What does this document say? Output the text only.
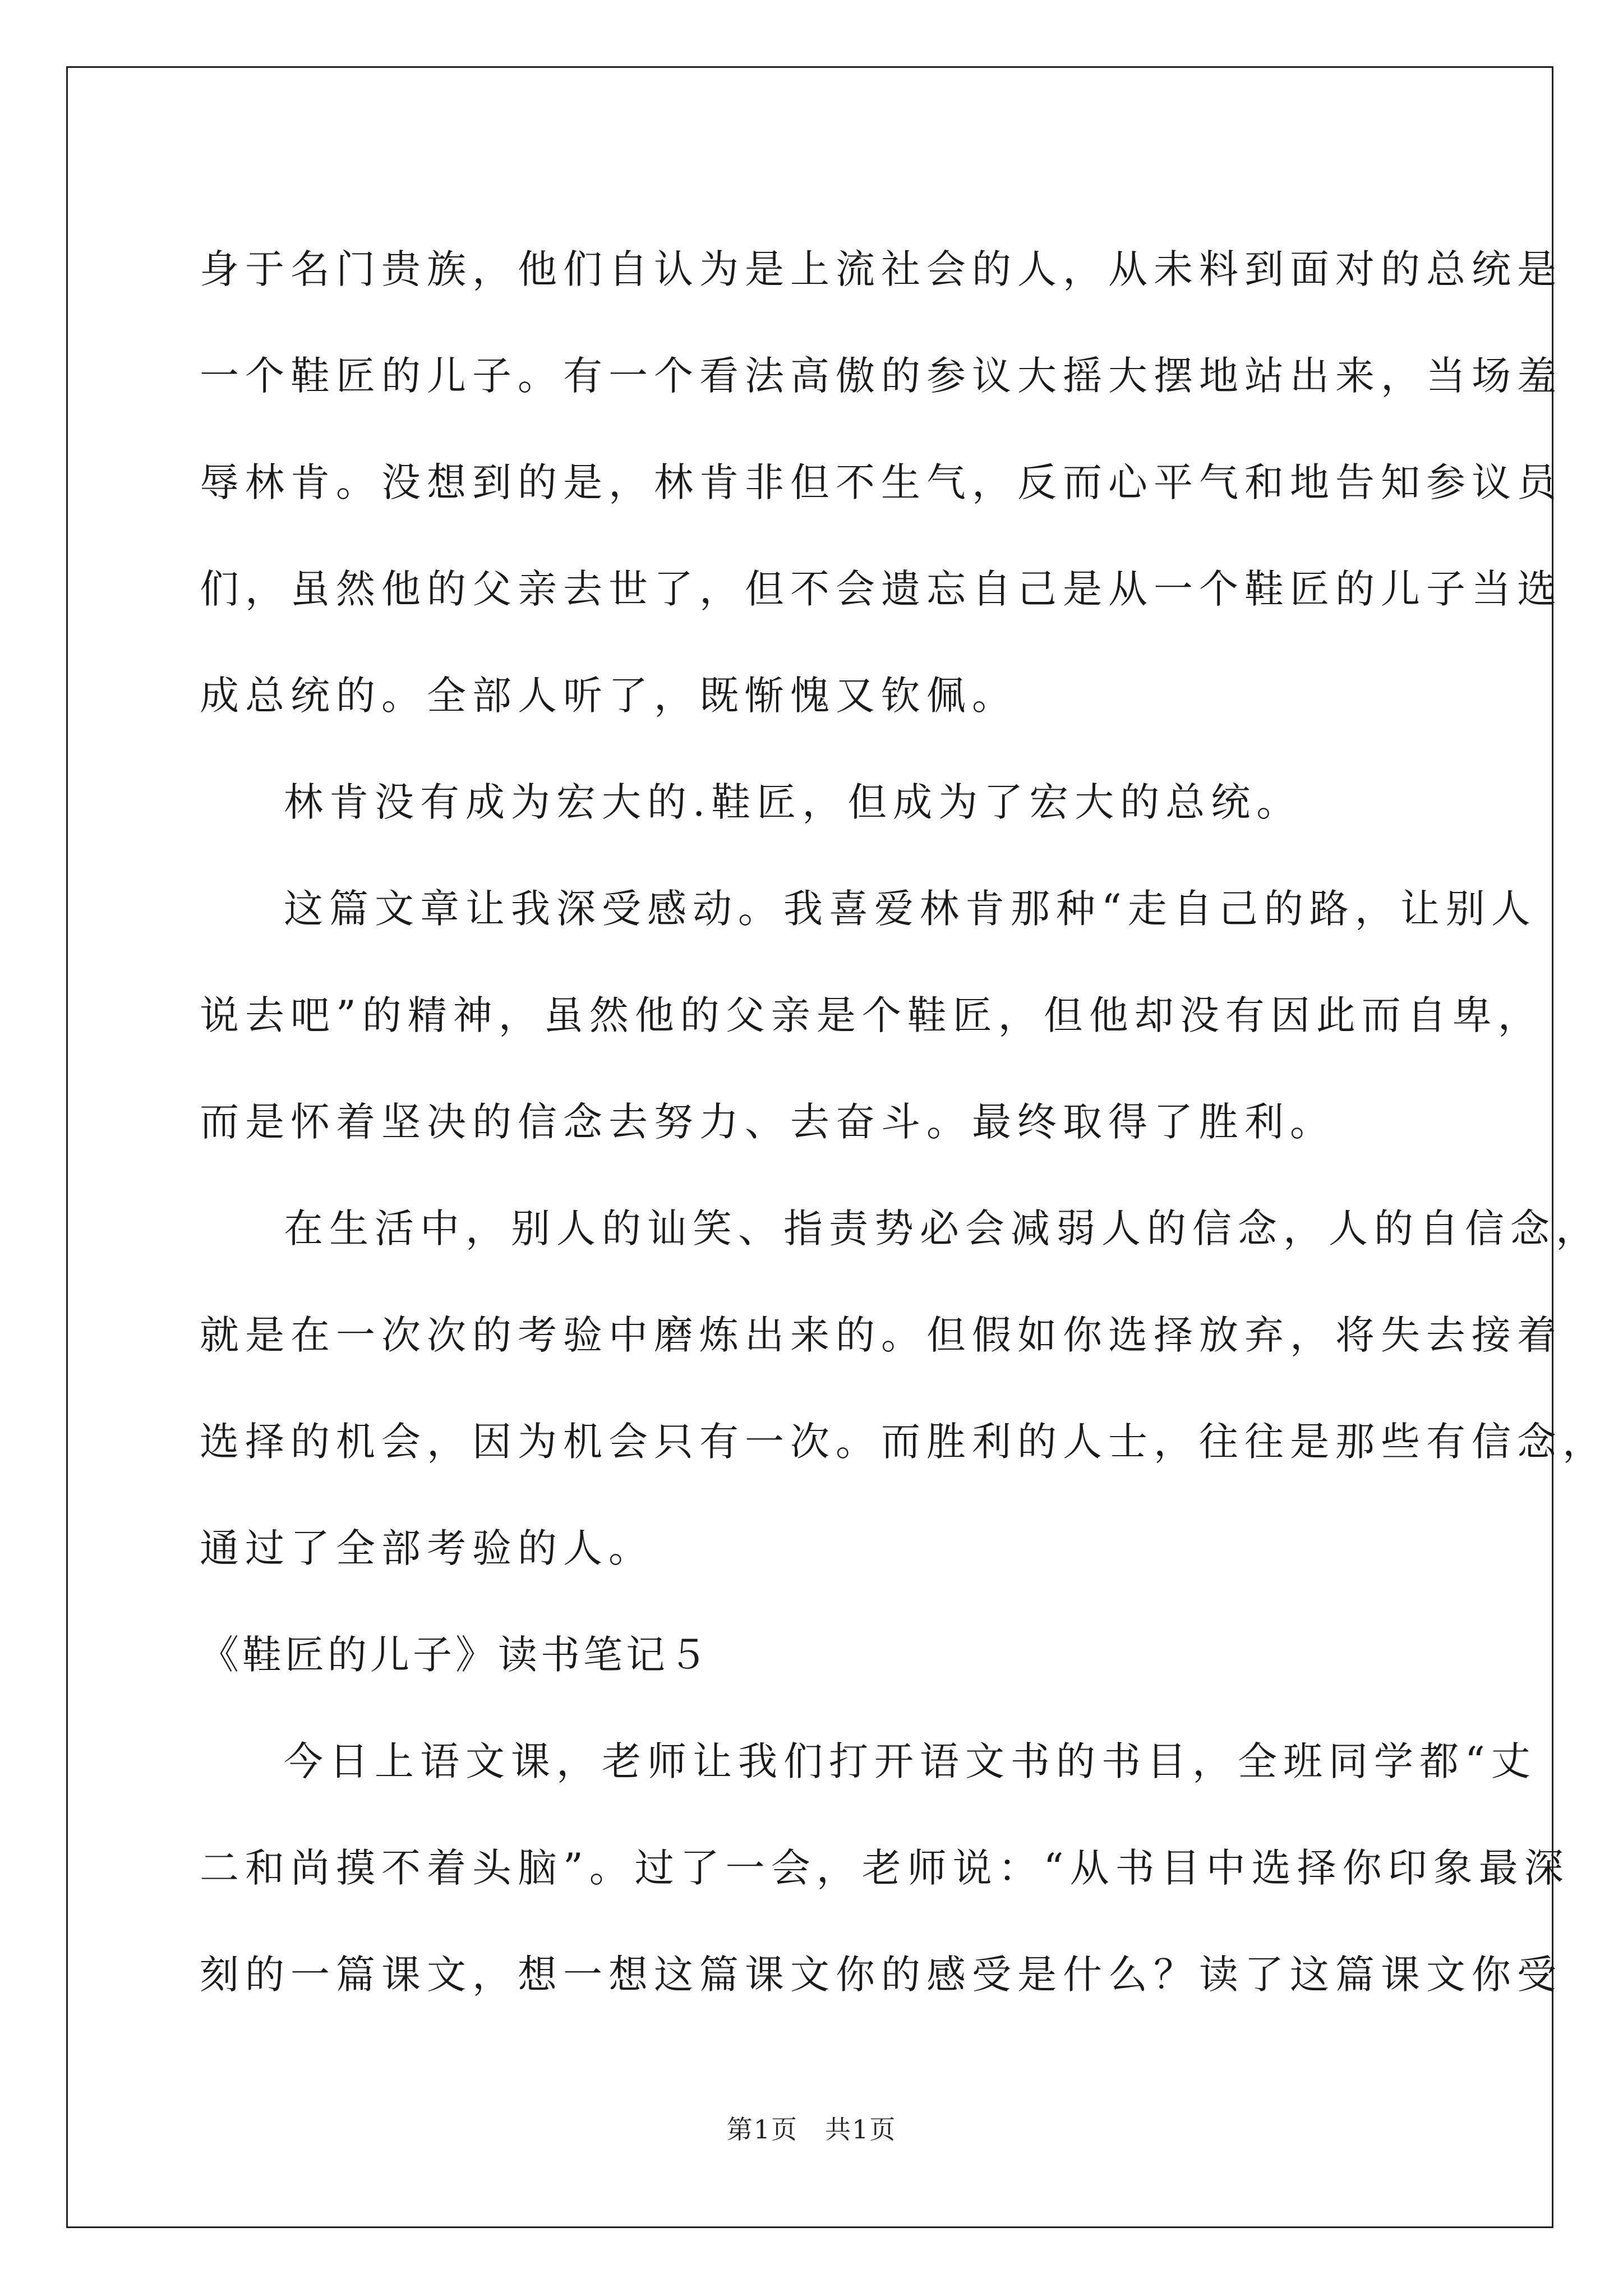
身于名门贵族，他们自认为是上流社会的人，从未料到面对的总统是
一个鞋匠的儿子。有一个看法高傲的参议大摇大摆地站出来，当场羞
辱林肯。没想到的是，林肯非但不生气，反而心平气和地告知参议员
们，虽然他的父亲去世了，但不会遗忘自己是从一个鞋匠的儿子当选
成总统的。全部人听了，既惭愧又钦佩。
林肯没有成为宏大的.鞋匠，但成为了宏大的总统。
这篇文章让我深受感动。我喜爱林肯那种“走自己的路，让别人
说去吧”的精神，虽然他的父亲是个鞋匠，但他却没有因此而自卑，
而是怀着坚决的信念去努力、去奋斗。最终取得了胜利。
在生活中，别人的讪笑、指责势必会减弱人的信念，人的自信念，
就是在一次次的考验中磨炼出来的。但假如你选择放弃，将失去接着
选择的机会，因为机会只有一次。而胜利的人士，往往是那些有信念，
通过了全部考验的人。
《鞋匠的儿子》读书笔记５
今日上语文课，老师让我们打开语文书的书目，全班同学都“丈
二和尚摸不着头脑”。过了一会，老师说：“从书目中选择你印象最深
刻的一篇课文，想一想这篇课文你的感受是什么？读了这篇课文你受
第1页　共1页
